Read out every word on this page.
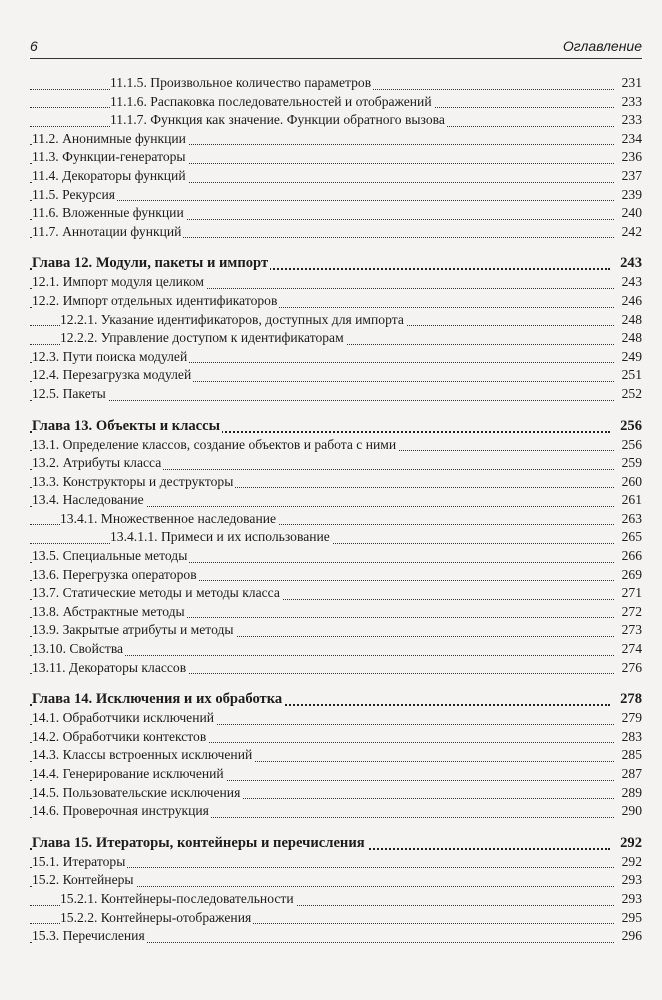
6	Оглавление
11.1.5. Произвольное количество параметров	231
11.1.6. Распаковка последовательностей и отображений	233
11.1.7. Функция как значение. Функции обратного вызова	233
11.2. Анонимные функции	234
11.3. Функции-генераторы	236
11.4. Декораторы функций	237
11.5. Рекурсия	239
11.6. Вложенные функции	240
11.7. Аннотации функций	242
Глава 12. Модули, пакеты и импорт	243
12.1. Импорт модуля целиком	243
12.2. Импорт отдельных идентификаторов	246
12.2.1. Указание идентификаторов, доступных для импорта	248
12.2.2. Управление доступом к идентификаторам	248
12.3. Пути поиска модулей	249
12.4. Перезагрузка модулей	251
12.5. Пакеты	252
Глава 13. Объекты и классы	256
13.1. Определение классов, создание объектов и работа с ними	256
13.2. Атрибуты класса	259
13.3. Конструкторы и деструкторы	260
13.4. Наследование	261
13.4.1. Множественное наследование	263
13.4.1.1. Примеси и их использование	265
13.5. Специальные методы	266
13.6. Перегрузка операторов	269
13.7. Статические методы и методы класса	271
13.8. Абстрактные методы	272
13.9. Закрытые атрибуты и методы	273
13.10. Свойства	274
13.11. Декораторы классов	276
Глава 14. Исключения и их обработка	278
14.1. Обработчики исключений	279
14.2. Обработчики контекстов	283
14.3. Классы встроенных исключений	285
14.4. Генерирование исключений	287
14.5. Пользовательские исключения	289
14.6. Проверочная инструкция	290
Глава 15. Итераторы, контейнеры и перечисления	292
15.1. Итераторы	292
15.2. Контейнеры	293
15.2.1. Контейнеры-последовательности	293
15.2.2. Контейнеры-отображения	295
15.3. Перечисления	296
